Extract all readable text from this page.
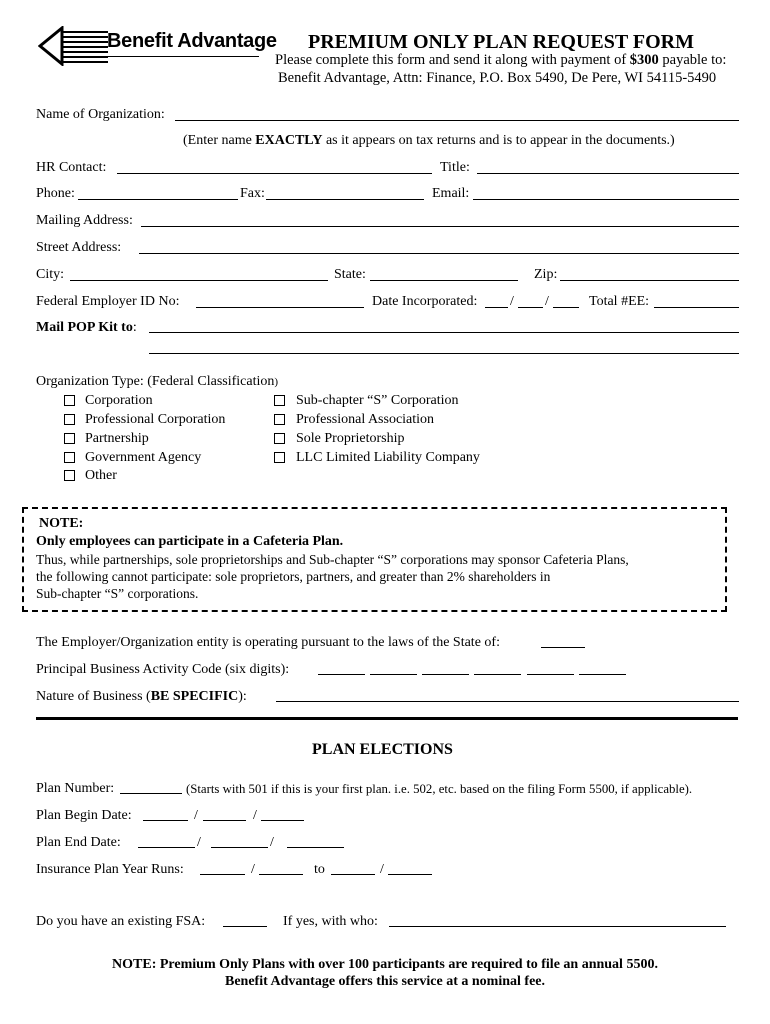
Benefit Advantage PREMIUM ONLY PLAN REQUEST FORM
Please complete this form and send it along with payment of $300 payable to:
Benefit Advantage, Attn: Finance, P.O. Box 5490, De Pere, WI 54115-5490
Name of Organization:
(Enter name EXACTLY as it appears on tax returns and is to appear in the documents.)
HR Contact:	Title:
Phone:	Fax:	Email:
Mailing Address:
Street Address:
City:	State:	Zip:
Federal Employer ID No:	Date Incorporated: / /	Total #EE:
Mail POP Kit to:
Organization Type: (Federal Classification)
Corporation
Professional Corporation
Partnership
Government Agency
Other
Sub-chapter “S” Corporation
Professional Association
Sole Proprietorship
LLC Limited Liability Company
NOTE:
Only employees can participate in a Cafeteria Plan.
Thus, while partnerships, sole proprietorships and Sub-chapter “S” corporations may sponsor Cafeteria Plans,
the following cannot participate: sole proprietors, partners, and greater than 2% shareholders in
Sub-chapter “S” corporations.
The Employer/Organization entity is operating pursuant to the laws of the State of:
Principal Business Activity Code (six digits):
Nature of Business (BE SPECIFIC):
PLAN ELECTIONS
Plan Number:	(Starts with 501 if this is your first plan. i.e. 502, etc. based on the filing Form 5500, if applicable).
Plan Begin Date:	/	/
Plan End Date:	/	/
Insurance Plan Year Runs:	/	to	/
Do you have an existing FSA:	If yes, with who:
NOTE: Premium Only Plans with over 100 participants are required to file an annual 5500.
Benefit Advantage offers this service at a nominal fee.
